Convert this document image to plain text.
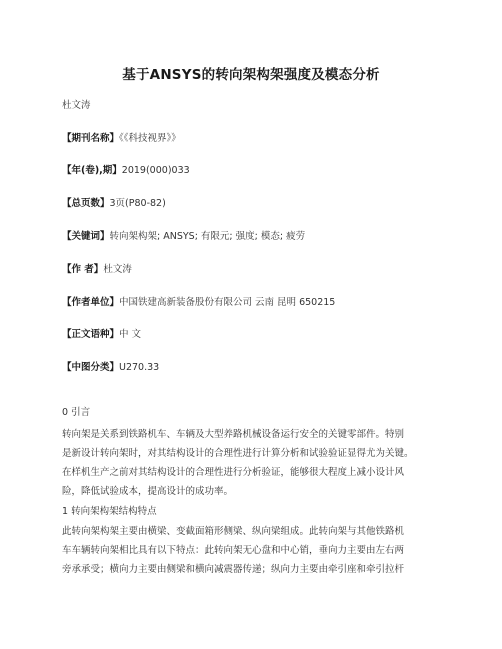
基于ANSYS的转向架构架强度及模态分析
杜文涛
【期刊名称】《《科技视界》》
【年(卷),期】2019(000)033
【总页数】3页(P80-82)
【关键词】转向架构架; ANSYS; 有限元; 强度; 模态; 疲劳
【作 者】杜文涛
【作者单位】中国铁建高新装备股份有限公司 云南 昆明 650215
【正文语种】中 文
【中图分类】U270.33
0 引言
转向架是关系到铁路机车、车辆及大型养路机械设备运行安全的关键零部件。特别
是新设计转向架时，对其结构设计的合理性进行计算分析和试验验证显得尤为关键。
在样机生产之前对其结构设计的合理性进行分析验证，能够很大程度上减小设计风
险，降低试验成本，提高设计的成功率。
1 转向架构架结构特点
此转向架构架主要由横梁、变截面箱形侧梁、纵向梁组成。此转向架与其他铁路机
车车辆转向架相比具有以下特点：此转向架无心盘和中心销，垂向力主要由左右两
旁承承受；横向力主要由侧梁和横向减震器传递；纵向力主要由牵引座和牵引拉杆
